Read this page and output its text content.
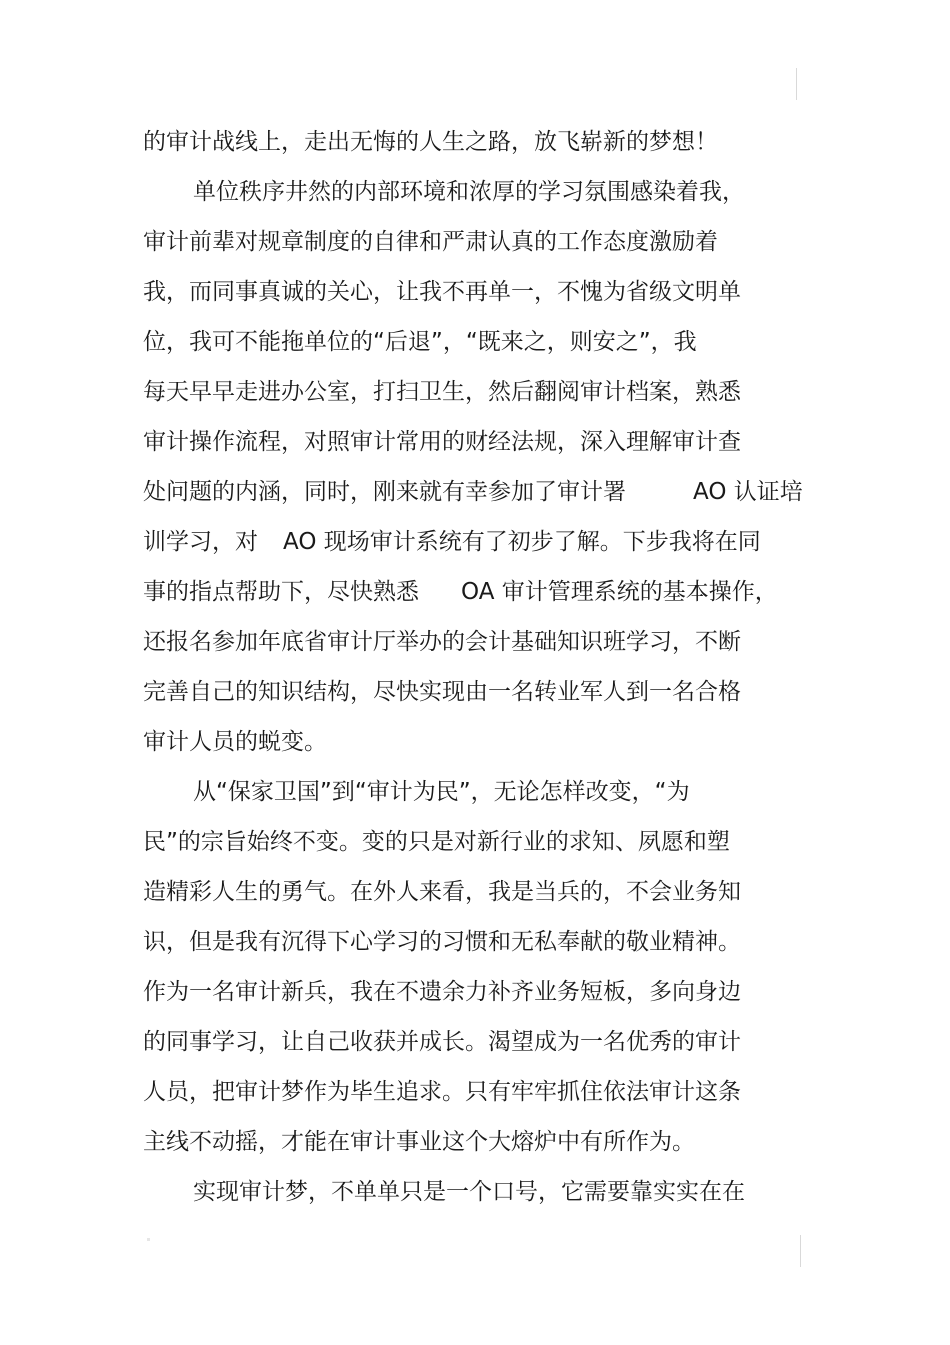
的审计战线上，走出无悔的人生之路，放飞崭新的梦想！
单位秩序井然的内部环境和浓厚的学习氛围感染着我，
审计前辈对规章制度的自律和严肃认真的工作态度激励着
我，而同事真诚的关心，让我不再单一，不愧为省级文明单
位，我可不能拖单位的“后退”，“既来之，则安之”，我
每天早早走进办公室，打扫卫生，然后翻阅审计档案，熟悉
审计操作流程，对照审计常用的财经法规，深入理解审计查
处问题的内涵，同时，刚来就有幸参加了审计署	AO 认证培
训学习，对 AO 现场审计系统有了初步了解。下步我将在同
事的指点帮助下，尽快熟悉 OA 审计管理系统的基本操作，
还报名参加年底省审计厅举办的会计基础知识班学习，不断
完善自己的知识结构，尽快实现由一名转业军人到一名合格
审计人员的蜕变。
从“保家卫国”到“审计为民”，无论怎样改变，“为
民”的宗旨始终不变。变的只是对新行业的求知、夙愿和塑
造精彩人生的勇气。在外人来看，我是当兵的，不会业务知
识，但是我有沉得下心学习的习惯和无私奉献的敬业精神。
作为一名审计新兵，我在不遗余力补齐业务短板，多向身边
的同事学习，让自己收获并成长。渴望成为一名优秀的审计
人员，把审计梦作为毕生追求。只有牢牢抓住依法审计这条
主线不动摇，才能在审计事业这个大熔炉中有所作为。
实现审计梦，不单单只是一个口号，它需要靠实实在在
